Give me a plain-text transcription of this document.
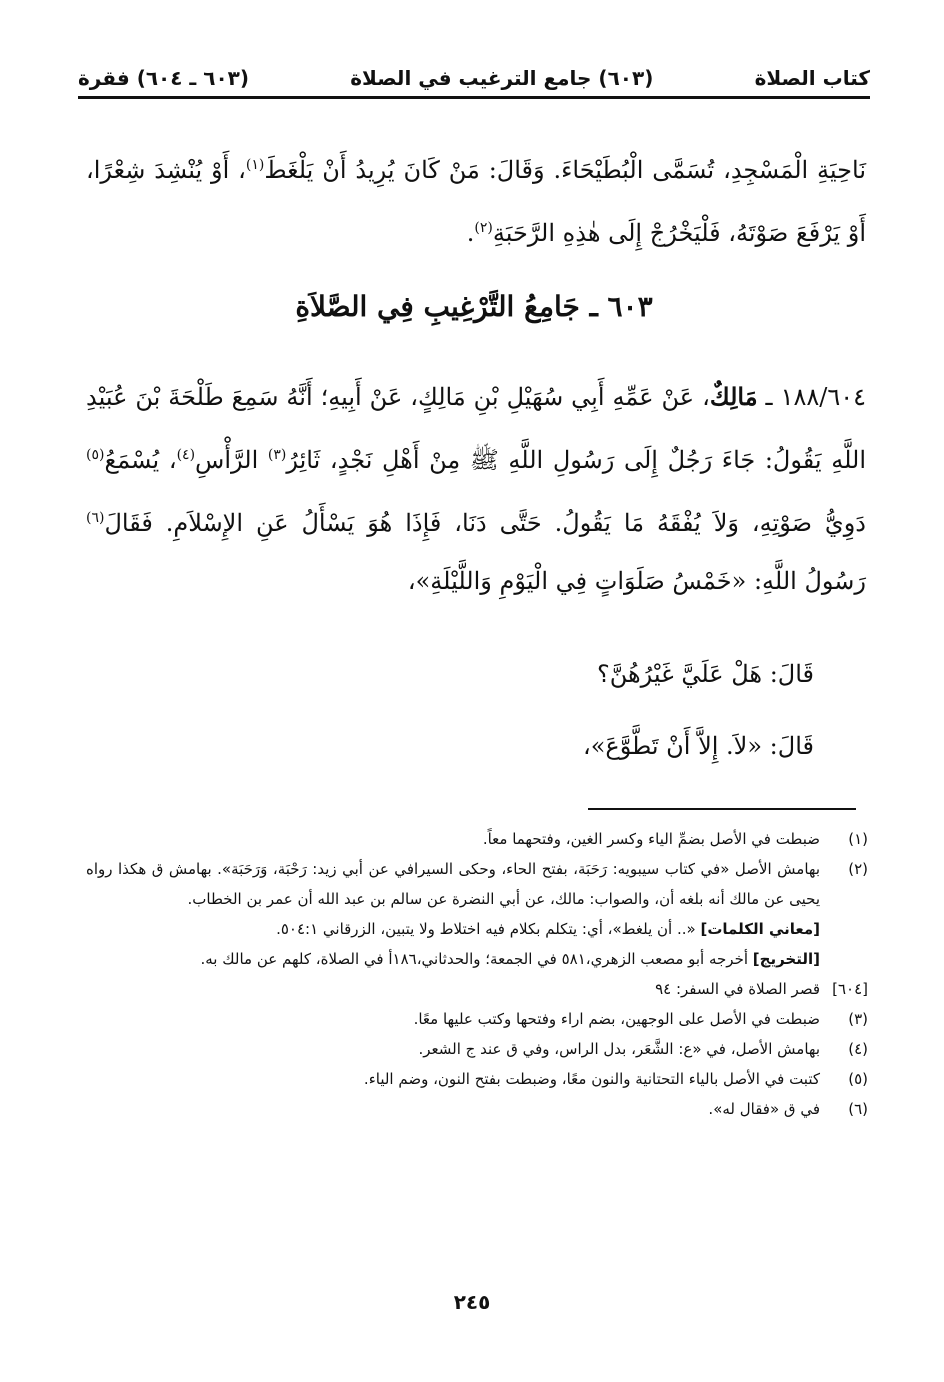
كتاب الصلاة
(٦٠٣) جامع الترغيب في الصلاة
(٦٠٣ ـ ٦٠٤) فقرة
نَاحِيَةِ الْمَسْجِدِ، تُسَمَّى الْبُطَيْحَاءَ. وَقَالَ: مَنْ كَانَ يُرِيدُ أَنْ يَلْغَطَ$^{(١)}$، أَوْ يُنْشِدَ شِعْرًا، أَوْ يَرْفَعَ صَوْتَهُ، فَلْيَخْرُجْ إِلَى هٰذِهِ الرَّحَبَةِ$^{(٢)}$.
٦٠٣ ـ جَامِعُ التَّرْغِيبِ فِي الصَّلاَةِ
١٨٨/٦٠٤ ـ مَالِكٌ، عَنْ عَمِّهِ أَبِي سُهَيْلِ بْنِ مَالِكٍ، عَنْ أَبِيهِ؛ أَنَّهُ سَمِعَ طَلْحَةَ بْنَ عُبَيْدِ اللَّهِ يَقُولُ: جَاءَ رَجُلٌ إِلَى رَسُولِ اللَّهِ ﷺ مِنْ أَهْلِ نَجْدٍ، ثَائِرُ$^{(٣)}$ الرَّأْسِ$^{(٤)}$، يُسْمَعُ$^{(٥)}$ دَوِيُّ صَوْتِهِ، وَلاَ يُفْقَهُ مَا يَقُولُ. حَتَّى دَنَا، فَإِذَا هُوَ يَسْأَلُ عَنِ الإِسْلاَمِ. فَقَالَ$^{(٦)}$ رَسُولُ اللَّهِ: «خَمْسُ صَلَوَاتٍ فِي الْيَوْمِ وَاللَّيْلَةِ»،
قَالَ: هَلْ عَلَيَّ غَيْرُهُنَّ؟
قَالَ: «لاَ. إِلاَّ أَنْ تَطَّوَّعَ»،
(١)
ضبطت في الأصل بضمِّ الياء وكسر الغين، وفتحهما معاً.
(٢)
بهامش الأصل «في كتاب سيبويه: رَحَبَة، بفتح الحاء، وحكى السيرافي عن أبي زيد: رَحْبَة، وَرَحَبَة». بهامش ق هكذا رواه يحيى عن مالك أنه بلغه أن، والصواب: مالك، عن أبي النضرة عن سالم بن عبد الله أن عمر بن الخطاب.
[معاني الكلمات] «.. أن يلغط»، أي: يتكلم بكلام فيه اختلاط ولا يتبين، الزرقاني ٥٠٤:١.
[التخريج] أخرجه أبو مصعب الزهري،٥٨١ في الجمعة؛ والحدثاني،١٨٦أ في الصلاة، كلهم عن مالك به.
[٦٠٤]
قصر الصلاة في السفر: ٩٤
(٣)
ضبطت في الأصل على الوجهين، بضم اراء وفتحها وكتب عليها معًا.
(٤)
بهامش الأصل، في «ع: الشَّعَر، بدل الراس، وفي ق عند ج الشعر.
(٥)
كتبت في الأصل بالياء التحتانية والنون معًا، وضبطت بفتح النون، وضم الياء.
(٦)
في ق «فقال له».
٢٤٥
